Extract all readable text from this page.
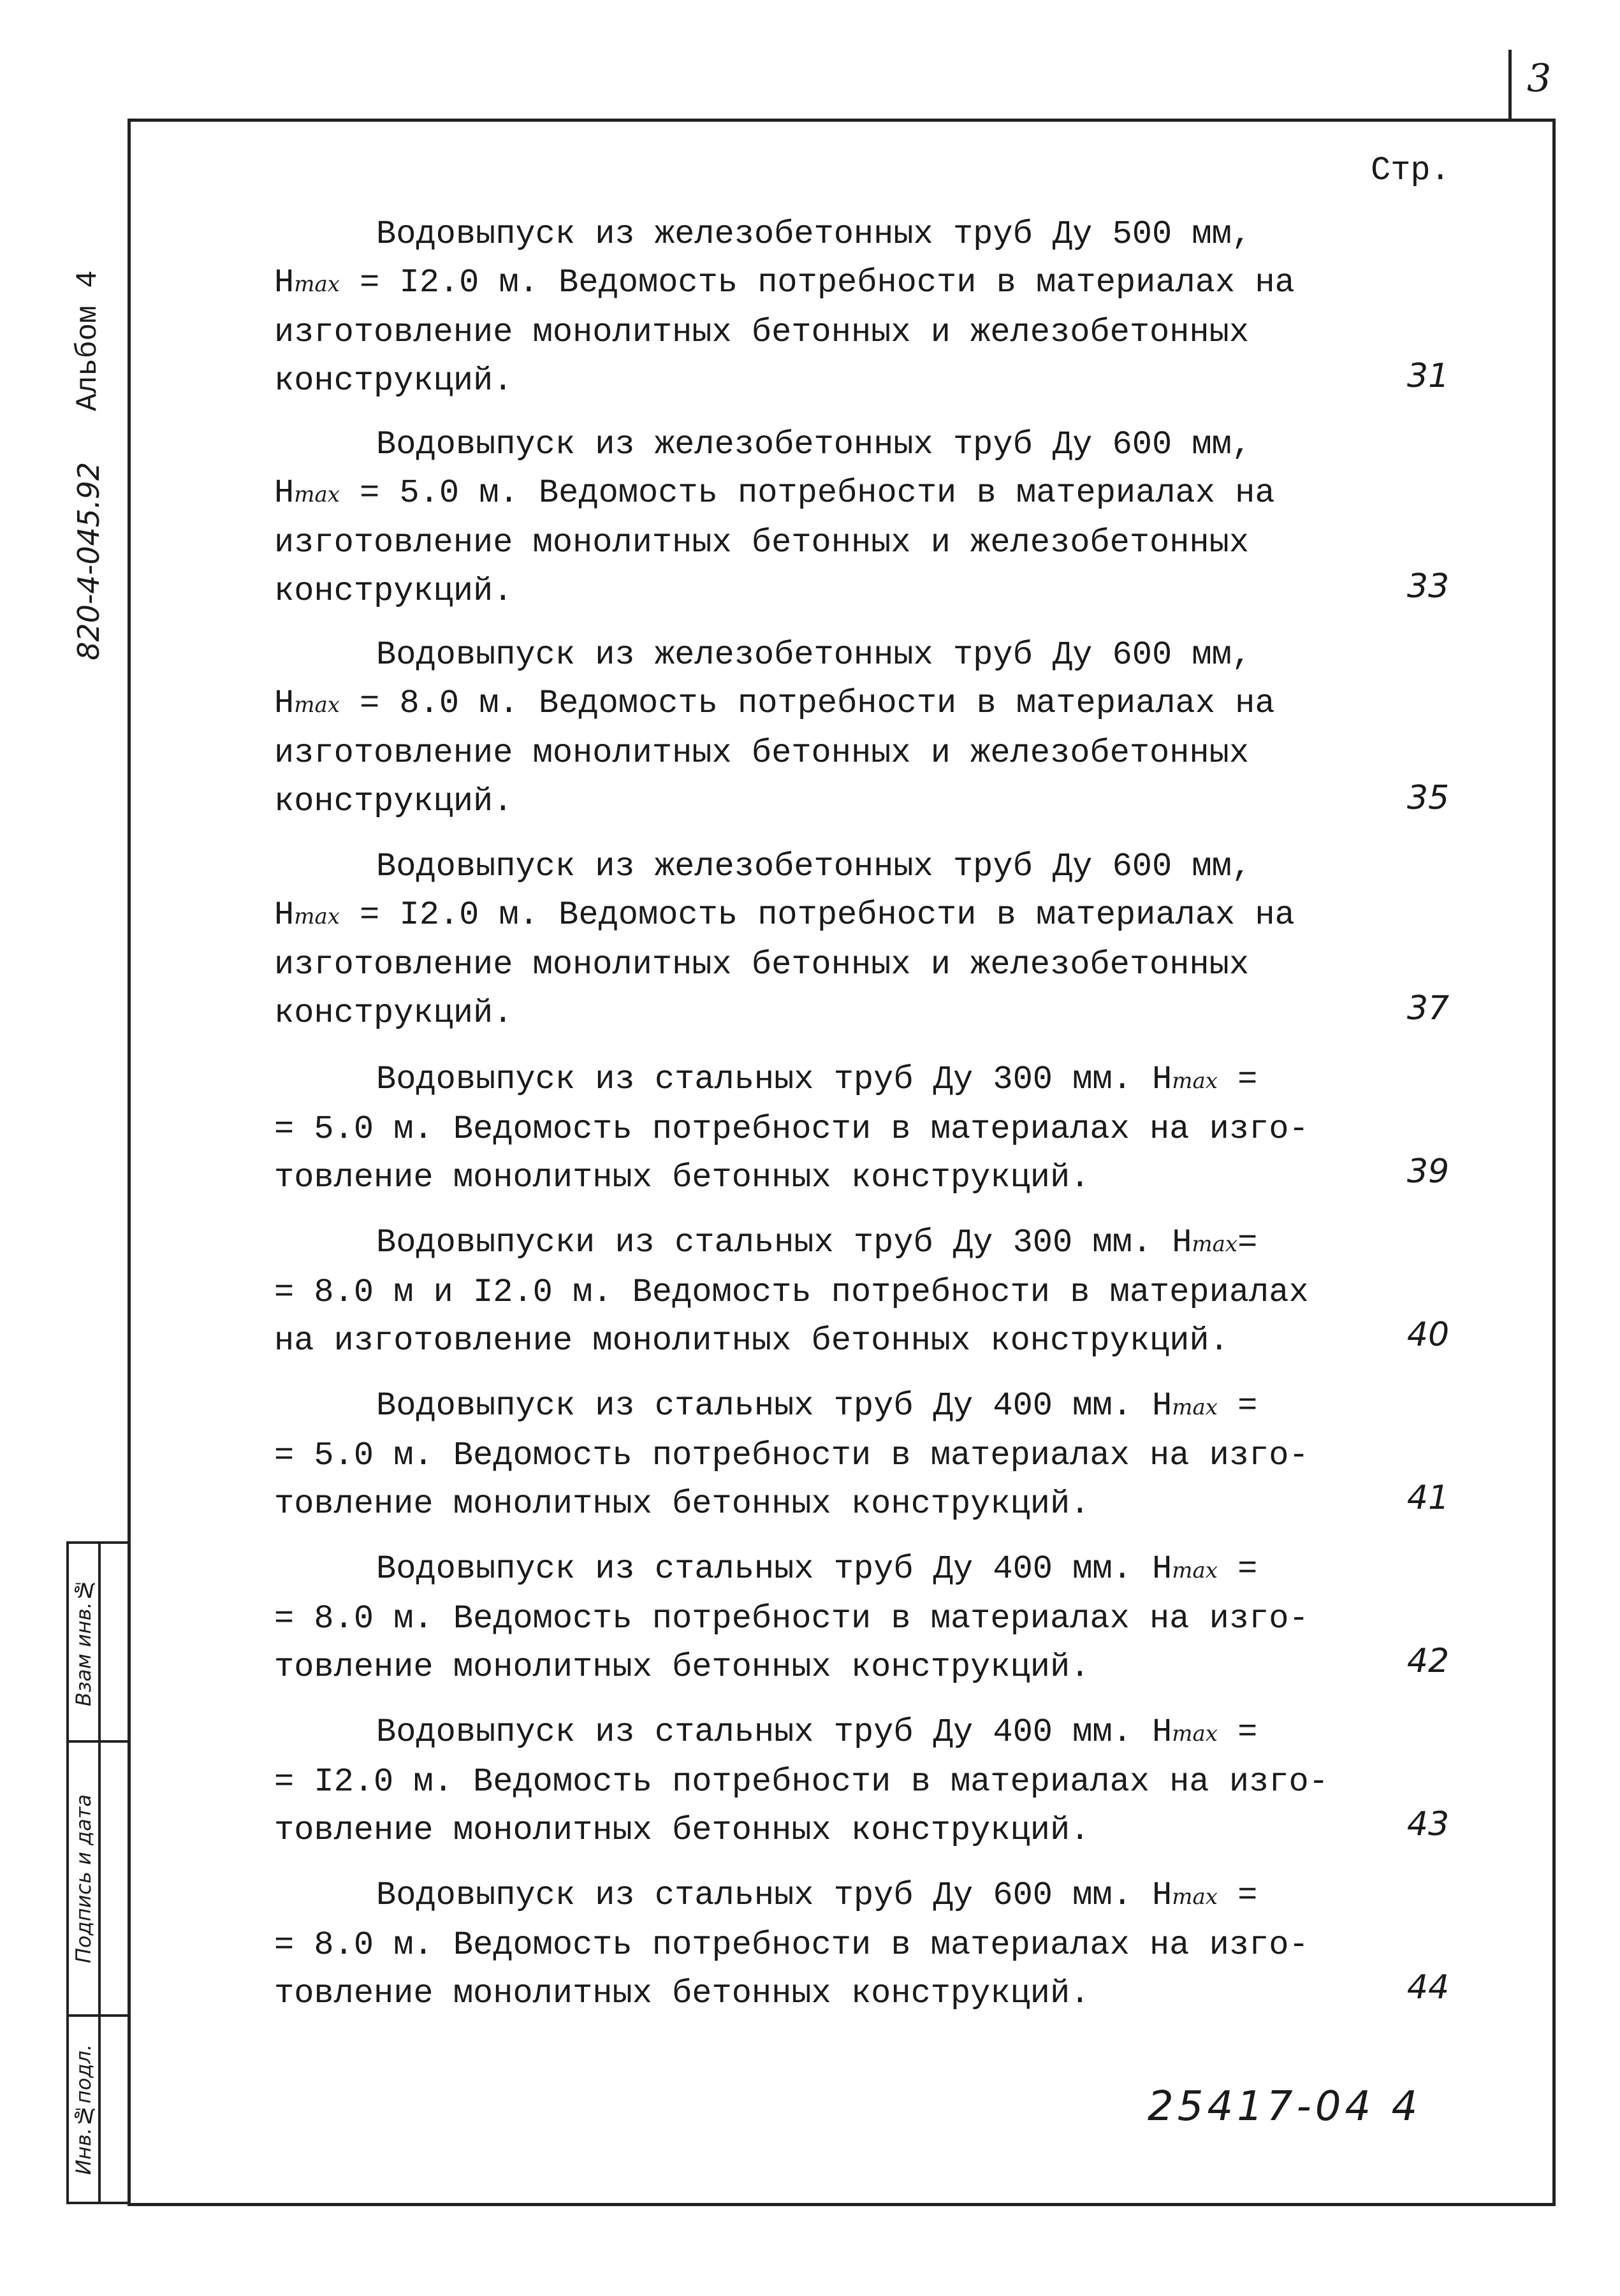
3
820-4-045.92
Альбом 4
Взам инв.№
Подпись и дата
Инв.№подл.
Стр.
Водовыпуск из железобетонных труб Ду 500 мм,
Hmax = I2.0 м. Ведомость потребности в материалах на
изготовление монолитных бетонных и железобетонных
конструкций.	31
Водовыпуск из железобетонных труб Ду 600 мм,
Hmax = 5.0 м. Ведомость потребности в материалах на
изготовление монолитных бетонных и железобетонных
конструкций.	33
Водовыпуск из железобетонных труб Ду 600 мм,
Hmax = 8.0 м. Ведомость потребности в материалах на
изготовление монолитных бетонных и железобетонных
конструкций.	35
Водовыпуск из железобетонных труб Ду 600 мм,
Hmax = I2.0 м. Ведомость потребности в материалах на
изготовление монолитных бетонных и железобетонных
конструкций.	37
Водовыпуск из стальных труб Ду 300 мм. Hmax =
= 5.0 м. Ведомость потребности в материалах на изго-
товление монолитных бетонных конструкций.	39
Водовыпуски из стальных труб Ду 300 мм. Hmax=
= 8.0 м и I2.0 м. Ведомость потребности в материалах
на изготовление монолитных бетонных конструкций.	40
Водовыпуск из стальных труб Ду 400 мм. Hmax =
= 5.0 м. Ведомость потребности в материалах на изго-
товление монолитных бетонных конструкций.	41
Водовыпуск из стальных труб Ду 400 мм. Hmax =
= 8.0 м. Ведомость потребности в материалах на изго-
товление монолитных бетонных конструкций.	42
Водовыпуск из стальных труб Ду 400 мм. Hmax =
= I2.0 м. Ведомость потребности в материалах на изго-
товление монолитных бетонных конструкций.	43
Водовыпуск из стальных труб Ду 600 мм. Hmax =
= 8.0 м. Ведомость потребности в материалах на изго-
товление монолитных бетонных конструкций.	44
25417-04 4
